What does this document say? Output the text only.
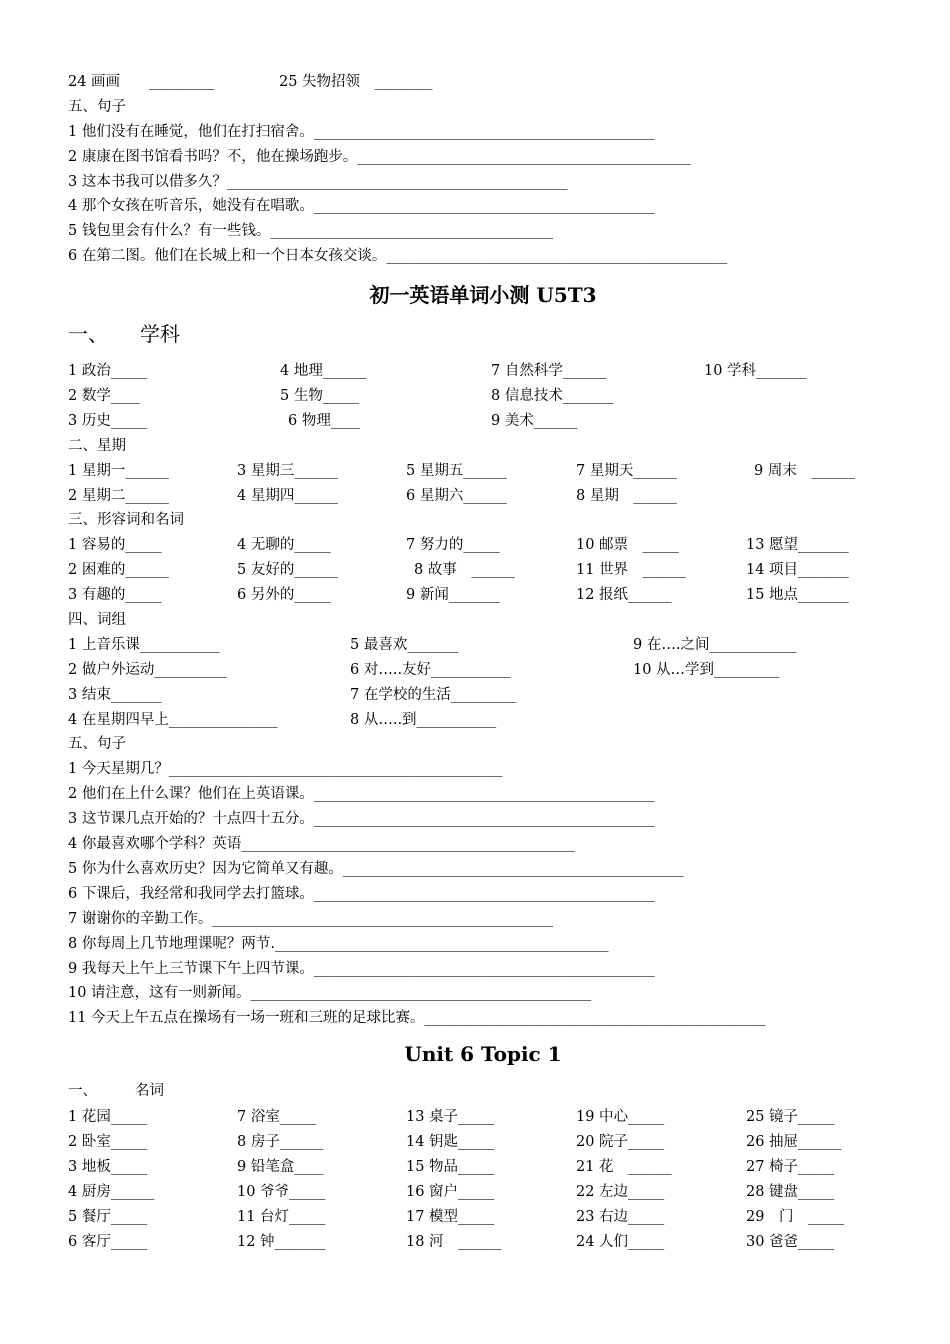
24 画画　　_________	25 失物招领　________
五、句子
1 他们没有在睡觉，他们在打扫宿舍。_______________________________________________
2 康康在图书馆看书吗？不，他在操场跑步。______________________________________________
3 这本书我可以借多久？_______________________________________________
4 那个女孩在听音乐，她没有在唱歌。_______________________________________________
5 钱包里会有什么？有一些钱。_______________________________________
6 在第二图。他们在长城上和一个日本女孩交谈。_______________________________________________
初一英语单词小测 U5T3
一、 学科
1 政治_____	4 地理______	7 自然科学______	10 学科_______
2 数学____	5 生物_____	8 信息技术_______
3 历史_____	6 物理____	9 美术______
二、星期
1 星期一______	3 星期三______	5 星期五______	7 星期天______	9 周末　______
2 星期二______	4 星期四______	6 星期六______	8 星期　______
三、形容词和名词
1 容易的_____	4 无聊的_____	7 努力的_____	10 邮票　_____	13 愿望_______
2 困难的______	5 友好的______	8 故事　______	11 世界　______	14 项目_______
3 有趣的_____	6 另外的_____	9 新闻_______	12 报纸______	15 地点_______
四、词组
1 上音乐课___________	5 最喜欢_______	9 在….之间____________
2 做户外运动__________	6 对…..友好___________	10 从…学到_________
3 结束_______	7 在学校的生活_________
4 在星期四早上_______________	8 从…..到___________
五、句子
1 今天星期几？______________________________________________
2 他们在上什么课？他们在上英语课。_______________________________________________
3 这节课几点开始的？十点四十五分。_______________________________________________
4 你最喜欢哪个学科？英语______________________________________________
5 你为什么喜欢历史？因为它简单又有趣。_______________________________________________
6 下课后，我经常和我同学去打篮球。_______________________________________________
7 谢谢你的辛勤工作。_______________________________________________
8 你每周上几节地理课呢？两节.______________________________________________
9 我每天上午上三节课下午上四节课。_______________________________________________
10 请注意，这有一则新闻。_______________________________________________
11 今天上午五点在操场有一场一班和三班的足球比赛。_______________________________________________
Unit 6 Topic 1
一、	名词
1 花园_____	7 浴室_____	13 桌子_____	19 中心_____	25 镜子_____
2 卧室_____	8 房子______	14 钥匙_____	20 院子_____	26 抽屉______
3 地板_____	9 铅笔盒____	15 物品_____	21 花　______	27 椅子_____
4 厨房______	10 爷爷_____	16 窗户_____	22 左边_____	28 键盘_____
5 餐厅_____	11 台灯_____	17 模型_____	23 右边_____	29　门　_____
6 客厅_____	12 钟_______	18 河　______	24 人们_____	30 爸爸_____
